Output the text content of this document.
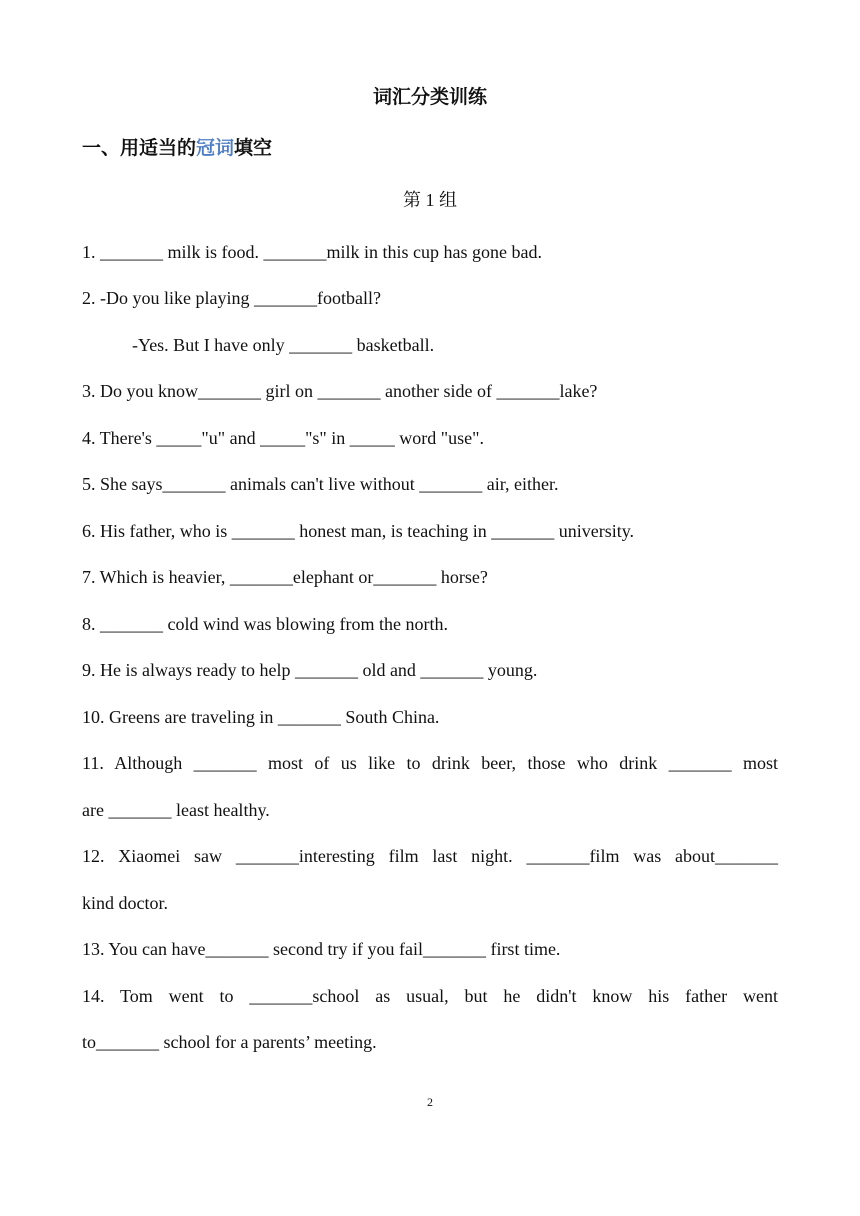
词汇分类训练
一、用适当的冠词填空
第 1 组
1. _______ milk is food. _______milk in this cup has gone bad.
2. -Do you like playing _______football?
-Yes. But I have only _______ basketball.
3. Do you know_______ girl on _______ another side of _______lake?
4. There's _____"u" and _____"s" in _____ word "use".
5. She says_______ animals can't live without _______ air, either.
6. His father, who is _______ honest man, is teaching in _______ university.
7. Which is heavier, _______elephant or_______ horse?
8. _______ cold wind was blowing from the north.
9. He is always ready to help _______ old and _______ young.
10. Greens are traveling in _______ South China.
11. Although _______ most of us like to drink beer, those who drink _______ most
are _______ least healthy.
12. Xiaomei saw _______interesting film last night. _______film was about_______
kind doctor.
13. You can have_______ second try if you fail_______ first time.
14. Tom went to _______school as usual, but he didn't know his father went
to_______ school for a parents’ meeting.
2
